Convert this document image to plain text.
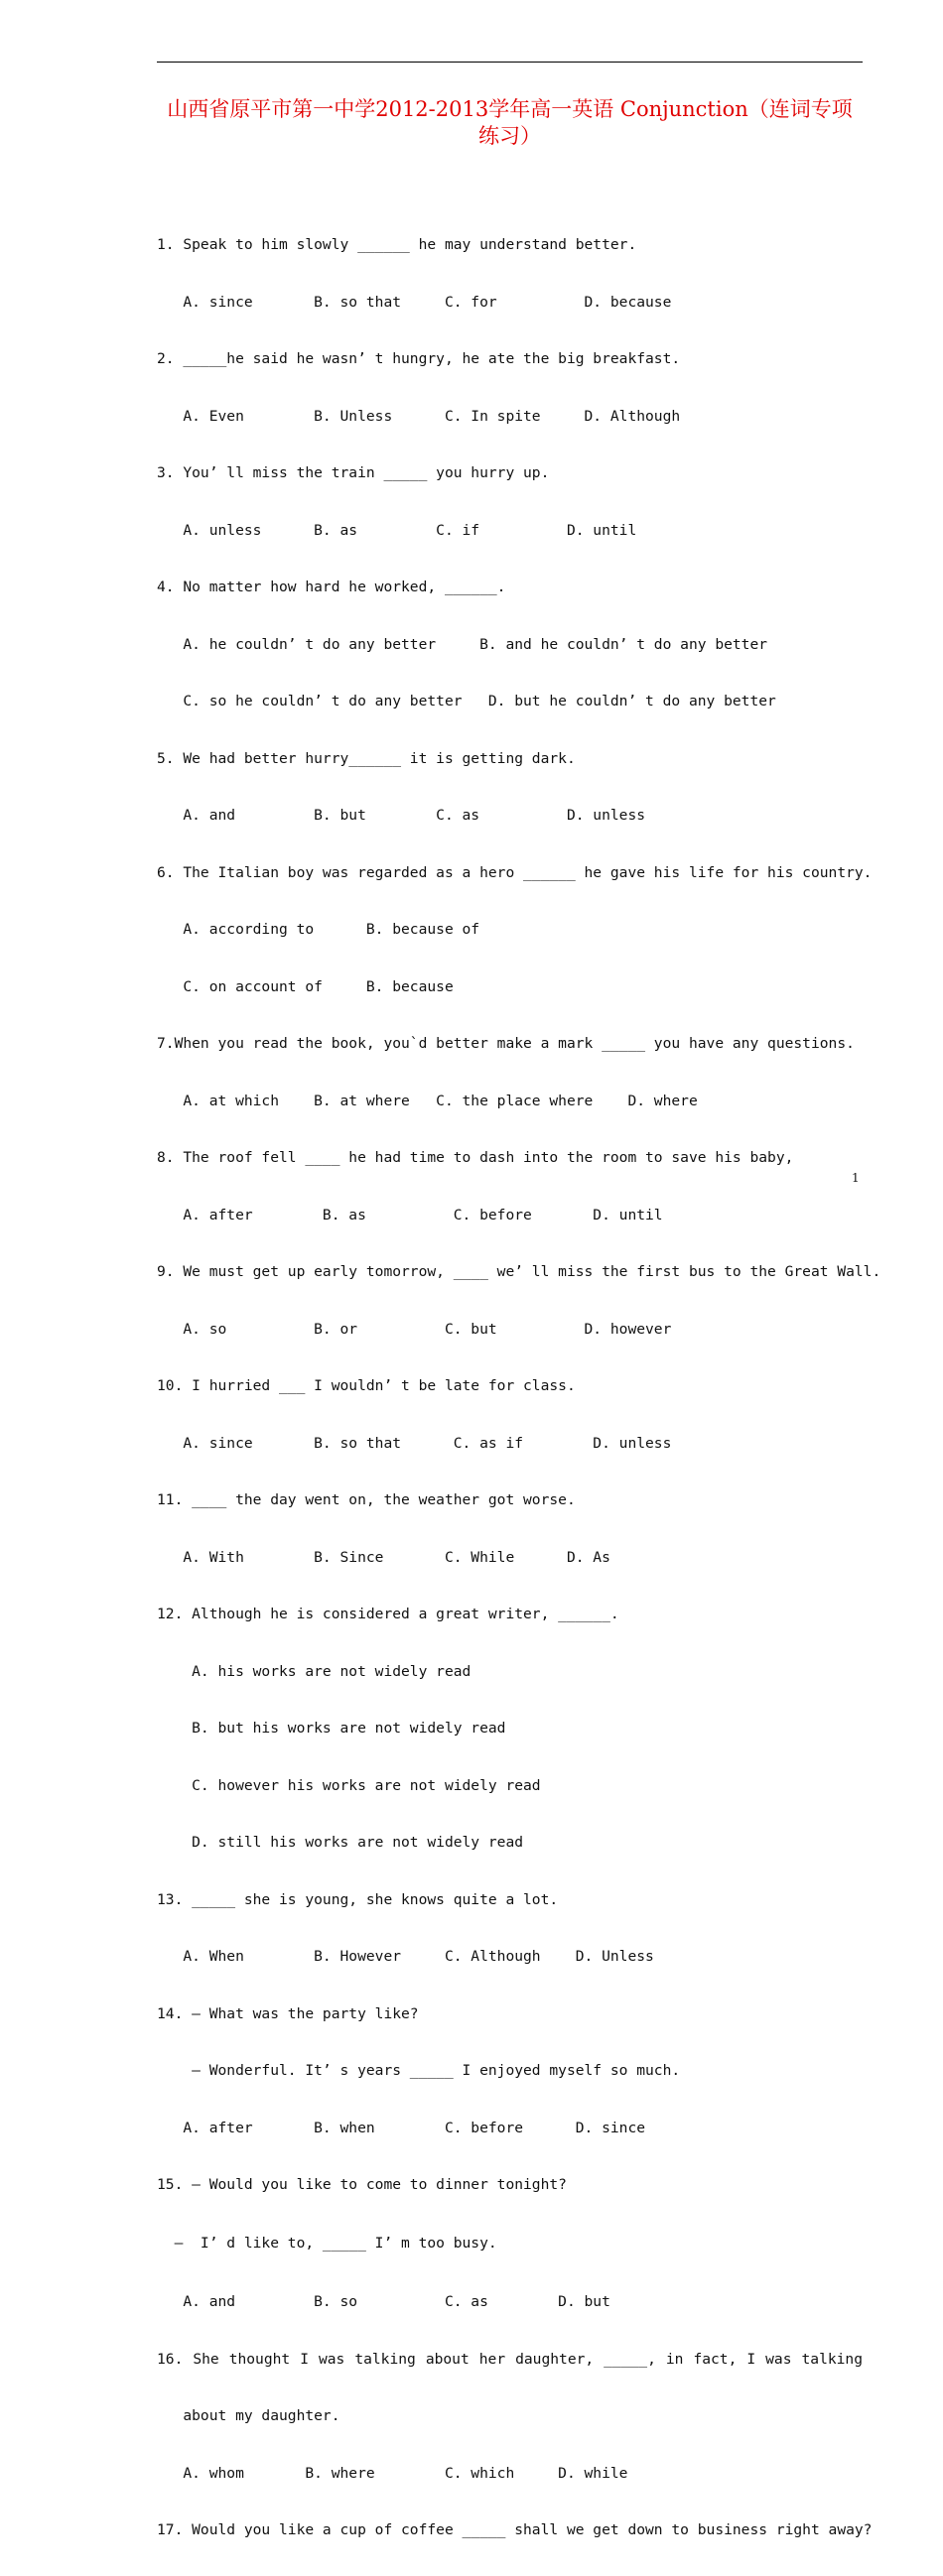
山西省原平市第一中学2012-2013学年高一英语 Conjunction（连词专项
练习）

1. Speak to him slowly ______ he may understand better.

A. since       B. so that     C. for          D. because

2. _____he said he wasn’ t hungry, he ate the big breakfast.

A. Even        B. Unless      C. In spite     D. Although

3. You’ ll miss the train _____ you hurry up.

A. unless      B. as         C. if          D. until

4. No matter how hard he worked, ______.

A. he couldn’ t do any better     B. and he couldn’ t do any better

C. so he couldn’ t do any better   D. but he couldn’ t do any better

5. We had better hurry______ it is getting dark.

A. and         B. but        C. as          D. unless

6. The Italian boy was regarded as a hero ______ he gave his life for his country.

A. according to      B. because of

C. on account of     B. because

7.When you read the book, you`d better make a mark _____ you have any questions.

A. at which    B. at where   C. the place where    D. where

8. The roof fell ____ he had time to dash into the room to save his baby,

A. after        B. as          C. before       D. until

9. We must get up early tomorrow, ____ we’ ll miss the first bus to the Great Wall.

A. so          B. or          C. but          D. however

10. I hurried ___ I wouldn’ t be late for class.

A. since       B. so that      C. as if        D. unless

11. ____ the day went on, the weather got worse.

A. With        B. Since       C. While      D. As

12. Although he is considered a great writer, ______.

A. his works are not widely read

B. but his works are not widely read

C. however his works are not widely read

D. still his works are not widely read

13. _____ she is young, she knows quite a lot.

A. When        B. However     C. Although    D. Unless

14. – What was the party like?

– Wonderful. It’ s years _____ I enjoyed myself so much.

A. after       B. when        C. before      D. since

15. – Would you like to come to dinner tonight?

–  I’ d like to, _____ I’ m too busy.

A. and         B. so          C. as        D. but

16. She thought I was talking about her daughter, _____, in fact, I was talking

about my daughter.

A. whom       B. where        C. which     D. while

17. Would you like a cup of coffee _____ shall we get down to business right away?

1
